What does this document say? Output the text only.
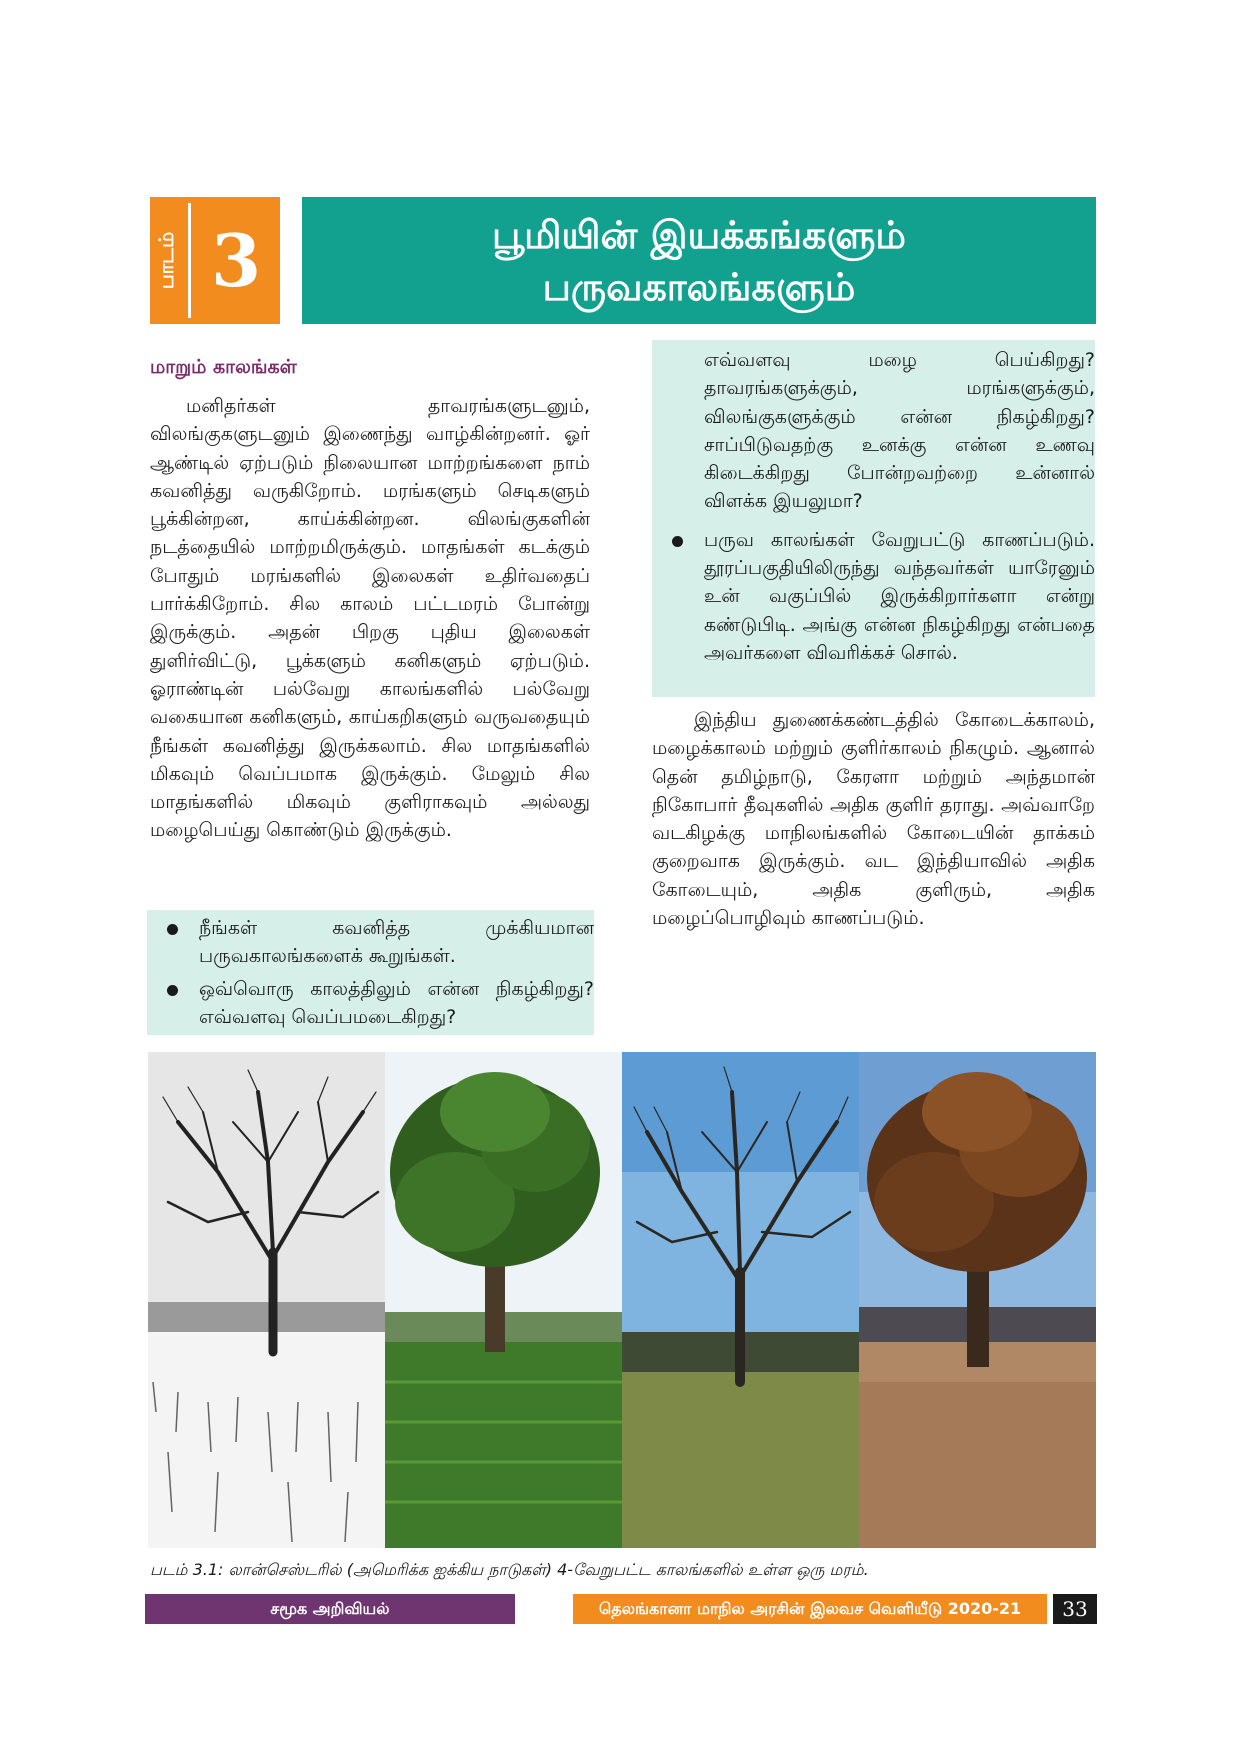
பாடம் 3	பூமியின் இயக்கங்களும்
பருவகாலங்களும்
மாறும் காலங்கள்
மனிதர்கள் தாவரங்களுடனும், விலங்குகளுடனும் இணைந்து வாழ்கின்றனர். ஓர் ஆண்டில் ஏற்படும் நிலையான மாற்றங்களை நாம் கவனித்து வருகிறோம். மரங்களும் செடிகளும் பூக்கின்றன, காய்க்கின்றன. விலங்குகளின் நடத்தையில் மாற்றமிருக்கும். மாதங்கள் கடக்கும் போதும் மரங்களில் இலைகள் உதிர்வதைப் பார்க்கிறோம். சில காலம் பட்டமரம் போன்று இருக்கும். அதன் பிறகு புதிய இலைகள் துளிர்விட்டு, பூக்களும் கனிகளும் ஏற்படும். ஓராண்டின் பல்வேறு காலங்களில் பல்வேறு வகையான கனிகளும், காய்கறிகளும் வருவதையும் நீங்கள் கவனித்து இருக்கலாம். சில மாதங்களில் மிகவும் வெப்பமாக இருக்கும். மேலும் சில மாதங்களில் மிகவும் குளிராகவும் அல்லது மழைபெய்து கொண்டும் இருக்கும்.
நீங்கள் கவனித்த முக்கியமான பருவகாலங்களைக் கூறுங்கள்.
ஒவ்வொரு காலத்திலும் என்ன நிகழ்கிறது?எவ்வளவு வெப்பமடைகிறது?
எவ்வளவு மழை பெய்கிறது? தாவரங்களுக்கும், மரங்களுக்கும், விலங்குகளுக்கும் என்ன நிகழ்கிறது? சாப்பிடுவதற்கு உனக்கு என்ன உணவு கிடைக்கிறது போன்றவற்றை உன்னால் விளக்க இயலுமா?
பருவ காலங்கள் வேறுபட்டு காணப்படும். தூரப்பகுதியிலிருந்து வந்தவர்கள் யாரேனும் உன் வகுப்பில் இருக்கிறார்களா என்று கண்டுபிடி. அங்கு என்ன நிகழ்கிறது என்பதை அவர்களை விவரிக்கச் சொல்.
இந்திய துணைக்கண்டத்தில் கோடைக்காலம், மழைக்காலம் மற்றும் குளிர்காலம் நிகழும். ஆனால் தென் தமிழ்நாடு, கேரளா மற்றும் அந்தமான் நிகோபார் தீவுகளில் அதிக குளிர் தராது. அவ்வாறே வடகிழக்கு மாநிலங்களில் கோடையின் தாக்கம் குறைவாக இருக்கும். வட இந்தியாவில் அதிக கோடையும், அதிக குளிரும், அதிக மழைப்பொழிவும் காணப்படும்.
படம் 3.1: லான்செஸ்டரில் (அமெரிக்க ஐக்கிய நாடுகள்) 4-வேறுபட்ட காலங்களில் உள்ள ஒரு மரம்.
சமூக அறிவியல்	தெலங்கானா மாநில அரசின் இலவச வெளியீடு 2020-21	33
